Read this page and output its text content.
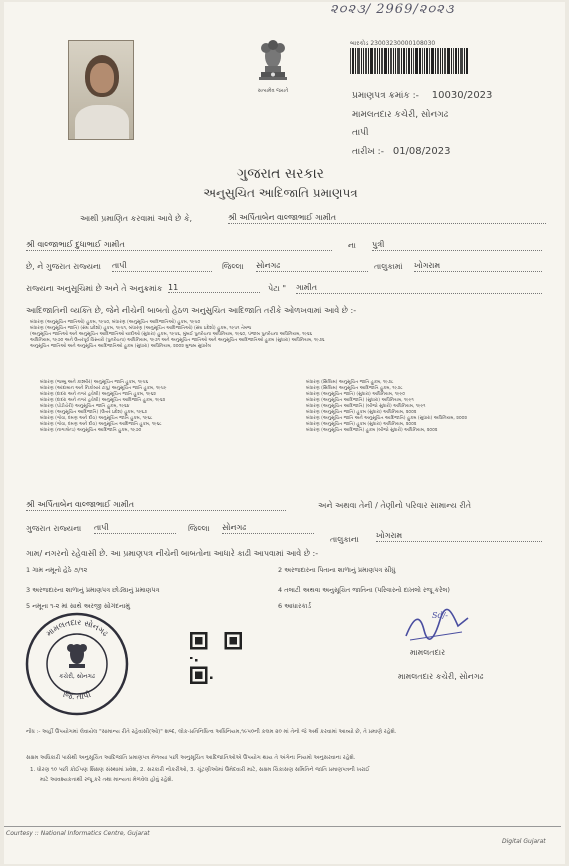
૨૦૨૩/ 2969/૨૦૨૩
સત્યમેવ જયતે
બારકોડ 23003230000108030
પ્રમાણપત્ર ક્રમાંક :- 10030/2023
મામલતદાર કચેરી, સોનગઢ
તાપી
તારીખ :- 01/08/2023
ગુજરાત સરકાર
અનુસુચિત આદિજાતિ પ્રમાણપત્ર
આથી પ્રમાણિત કરવામાં આવે છે કે,	શ્રી અર્પિતાબેન વાલ્જાભાઈ ગામીત
શ્રી વાલ્જાભાઈ દુધાભાઈ ગામીત	ના પુત્રી
છે, ને ગુજરાત રાજ્યના તાપી	જિલ્લા સોનગઢ	તાલુકામાં ખોગરામ
રાજ્યના અનુસૂચિમાં છે અને તે અનુક્રમાંક 11	પેટા " ગામીત
આદિજાતિની વ્યક્તિ છે, જેને નીચેની બાબતો હેઠળ અનુસુચિત આદિજાતિ તરીકે ઓળખવામાં આવે છે :-
બંધારણ (અનુસૂચિત જાતિઓ) હુકમ, ૧૯૫૦, બંધારણ (અનુસૂચિત આદિજાતિઓ) હુકમ, ૧૯૫૦
બંધારણ (અનુસૂચિત જાતિ) (સંઘ પ્રદેશો) હુકમ, ૧૯૫૧, બંધારણ (અનુસૂચિત આદિજાતિઓ) (સંઘ પ્રદેશો) હુકમ, ૧૯૫૧ તેમજ
(અનુસૂચિત જાતિઓ અને અનુસૂચિત આદિજાતિઓ યાદીઓ (સુધારા) હુકમ, ૧૯૫૬, મુંબઈ પુનર્રચના અધિનિયમ, ૧૯૬૦, પંજાબ પુનર્રચના અધિનિયમ, ૧૯૬૬
અધિનિયમ, ૧૯૭૦ અને ઉત્તરપૂર્વ વિસ્તારો (પુનર્રચના) અધિનિયમ, ૧૯૭૧ અને અનુસૂચિત જાતિઓ અને અનુસૂચિત આદિજાતિઓ હુકમ (સુધારા) અધિનિયમ, ૧૯૭૬
અનુસૂચિત જાતિઓ અને અનુસૂચિત આદિજાતિઓ હુકમ (સુધારા) અધિનિયમ, ૨૦૦૨ મુજબ સુધારેલ
બંધારણ (જમ્મુ અને કાશ્મીર) અનુસૂચિત જાતિ હુકમ, ૧૯૫૬
બંધારણ (આંદામાન અને નિકોબાર ટાપુ) અનુસૂચિત જાતિ હુકમ, ૧૯૫૯
બંધારણ (દાદરા અને નગર હવેલી) અનુસૂચિત જાતિ હુકમ, ૧૯૬૨
બંધારણ (દાદરા અને નગર હવેલી) અનુસૂચિત આદિજાતિ હુકમ, ૧૯૬૨
બંધારણ (પોંડીચેરી) અનુસૂચિત જાતિ હુકમ, ૧૯૬૪
બંધારણ (અનુસૂચિત આદિજાતિ) (ઉત્તર પ્રદેશ) હુકમ, ૧૯૬૭
બંધારણ (ગોવા, દમણ અને દીવ) અનુસૂચિત જાતિ હુકમ, ૧૯૬૮
બંધારણ (ગોવા, દમણ અને દીવ) અનુસૂચિત આદિજાતિ હુકમ, ૧૯૬૮
બંધારણ (નાગાલેન્ડ) અનુસૂચિત આદિજાતિ હુકમ, ૧૯૭૦
બંધારણ (સિક્કિમ) અનુસૂચિત જાતિ હુકમ, ૧૯૭૮
બંધારણ (સિક્કિમ) અનુસૂચિત આદિજાતિ હુકમ, ૧૯૭૮
બંધારણ (અનુસૂચિત જાતિ) (સુધારા) અધિનિયમ, ૧૯૯૦
બંધારણ (અનુસૂચિત આદિજાતિ) (સુધારા) અધિનિયમ, ૧૯૯૧
બંધારણ (અનુસૂચિત આદિજાતિ) (બીજો સુધારો) અધિનિયમ, ૧૯૯૧
બંધારણ (અનુસૂચિત જાતિ) હુકમ (સુધારા) અધિનિયમ, ૨૦૦૨
બંધારણ (અનુસૂચિત જાતિ અને અનુસૂચિત આદિજાતિ) હુકમ (સુધારા) અધિનિયમ, ૨૦૦૨
બંધારણ (અનુસૂચિત જાતિ) હુકમ (સુધારા) અધિનિયમ, ૨૦૦૨
બંધારણ (અનુસૂચિત આદિજાતિ) હુકમ (બીજો સુધારો) અધિનિયમ, ૨૦૦૨
શ્રી અર્પિતાબેન વાલ્જાભાઈ ગામીત	અને અથવા તેની / તેણીનો પરિવાર સામાન્ય રીતે
ગુજરાત રાજ્યના તાપી	જિલ્લા સોનગઢ
તાલુકાના ખોગરામ
ગામ/ નગરનો રહેવાસી છે. આ પ્રમાણપત્ર નીચેની બાબતોના આધારે કાઢી આપવામાં આવે છે :-
1 ગામ નમૂનો હેઠે ૭/૧૨	2 અરજદારના પિતાના શાળાનું પ્રમાણપત્ર સીધું
3 અરજદારના શાળાનું પ્રમાણપત્ર છોડ્યાનું પ્રમાણપત્ર	4 તલાટી અથવા અનુસૂચિત જાતિના (પરિવારનો દાખલો રજૂ કરેલ)
5 નમૂના ૧-૨ માં સાથે અરજી સોગંદનામું	6 આધારકાર્ડ
મામલતદાર સોનગઢ
જિ. તાપી
કચેરી, સોનગઢ
Sd/-
મામલતદાર
મામલતદાર કચેરી, સોનગઢ
નોંધ :- અહીં ઉપયોગમાં લેવાયેલ "સામાન્ય રીતે રહેવાસી(ઓ)" શબ્દ, લોક-પ્રતિનિધિત્વ અધિનિયમ,૧૯૫૦ની કલમ ૨૦ માં તેનો જે અર્થ કરવામાં આવ્યો છે, તે પ્રમાણે રહેશે.
સક્ષમ અધિકારી પાસેથી અનુસૂચિત આદિજાતિ પ્રમાણપત્ર મેળવ્યા પછી અનુસૂચિત આદિજાતિઓએ ઉપયોગ થાય તે અંગેના નિયમો અનુસરવાના રહેશે.
1. ધોરણ ૧૦ પછી કોઈપણ શિક્ષણ સંસ્થામાં પ્રવેશ, 2. સરકારી નોકરીઓ, 3. ચૂંટણીઓમાં ઉમેદવારી માટે, સક્ષમ ચિકાસણ સમિતિને જાતિ પ્રમાણપત્રની ખરાઈ
માટે આવશ્યકતાથી રજૂ કરે તથા માન્યતા મેળવેલ હોવું રહેશે.
Courtesy :: National Informatics Centre, Gujarat
Digital Gujarat
